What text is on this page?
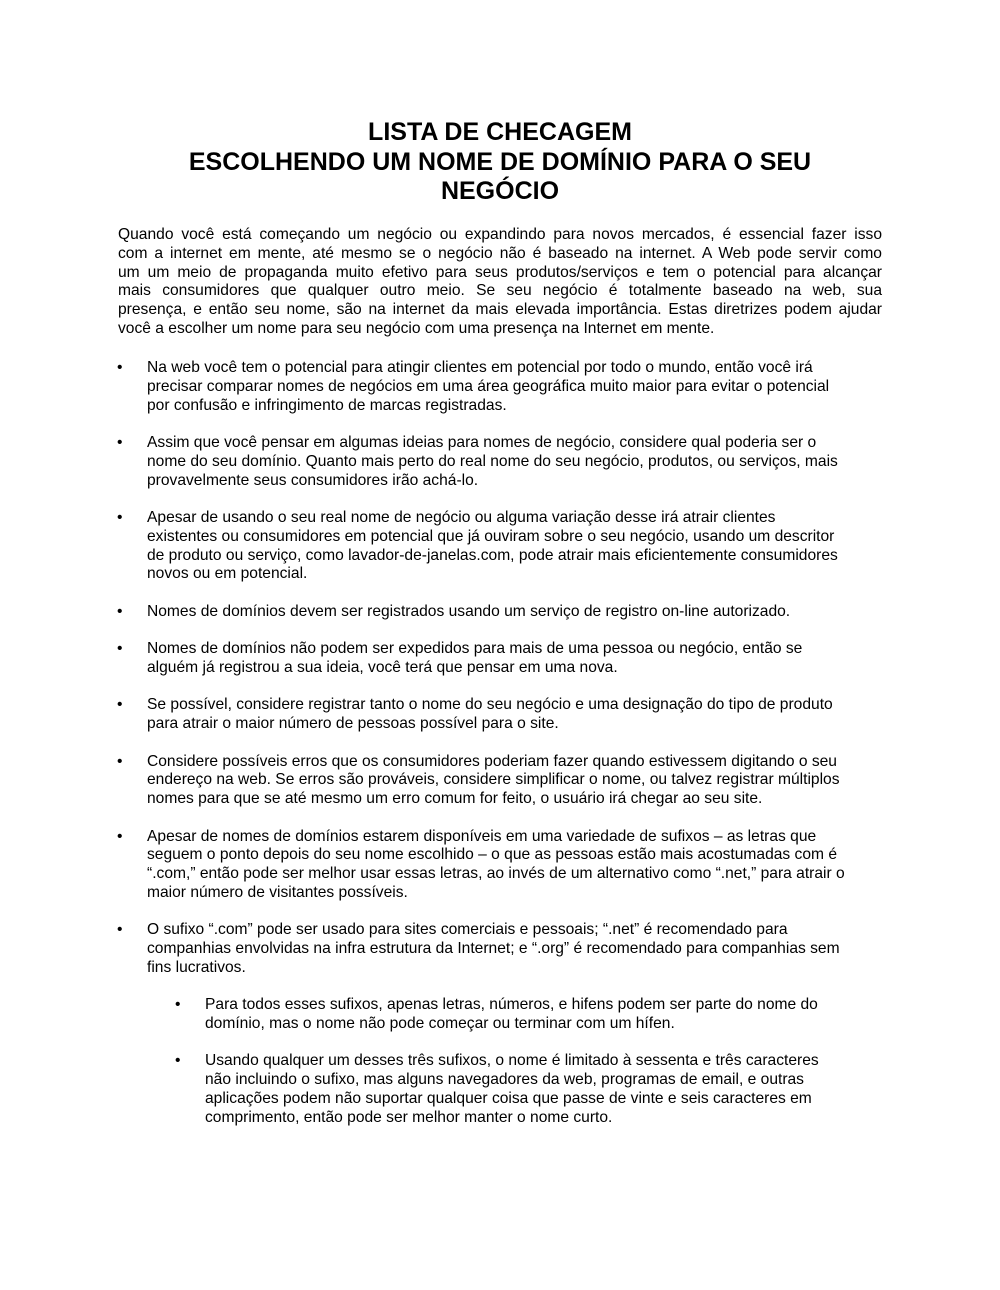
LISTA DE CHECAGEM
ESCOLHENDO UM NOME DE DOMÍNIO PARA O SEU
NEGÓCIO
Quando você está começando um negócio ou expandindo para novos mercados, é essencial fazer isso
com a internet em mente, até mesmo se o negócio não é baseado na internet. A Web pode servir como
um um meio de propaganda muito efetivo para seus produtos/serviços e tem o potencial para alcançar
mais consumidores que qualquer outro meio. Se seu negócio é totalmente baseado na web, sua
presença, e então seu nome, são na internet da mais elevada importância. Estas diretrizes podem ajudar
você a escolher um nome para seu negócio com uma presença na Internet em mente.
• Na web você tem o potencial para atingir clientes em potencial por todo o mundo, então você irá
precisar comparar nomes de negócios em uma área geográfica muito maior para evitar o potencial
por confusão e infringimento de marcas registradas.
• Assim que você pensar em algumas ideias para nomes de negócio, considere qual poderia ser o
nome do seu domínio. Quanto mais perto do real nome do seu negócio, produtos, ou serviços, mais
provavelmente seus consumidores irão achá-lo.
• Apesar de usando o seu real nome de negócio ou alguma variação desse irá atrair clientes
existentes ou consumidores em potencial que já ouviram sobre o seu negócio, usando um descritor
de produto ou serviço, como lavador-de-janelas.com, pode atrair mais eficientemente consumidores
novos ou em potencial.
• Nomes de domínios devem ser registrados usando um serviço de registro on-line autorizado.
• Nomes de domínios não podem ser expedidos para mais de uma pessoa ou negócio, então se
alguém já registrou a sua ideia, você terá que pensar em uma nova.
• Se possível, considere registrar tanto o nome do seu negócio e uma designação do tipo de produto
para atrair o maior número de pessoas possível para o site.
• Considere possíveis erros que os consumidores poderiam fazer quando estivessem digitando o seu
endereço na web. Se erros são prováveis, considere simplificar o nome, ou talvez registrar múltiplos
nomes para que se até mesmo um erro comum for feito, o usuário irá chegar ao seu site.
• Apesar de nomes de domínios estarem disponíveis em uma variedade de sufixos – as letras que
seguem o ponto depois do seu nome escolhido – o que as pessoas estão mais acostumadas com é
“.com,” então pode ser melhor usar essas letras, ao invés de um alternativo como “.net,” para atrair o
maior número de visitantes possíveis.
• O sufixo “.com” pode ser usado para sites comerciais e pessoais; “.net” é recomendado para
companhias envolvidas na infra estrutura da Internet; e “.org” é recomendado para companhias sem
fins lucrativos.
• Para todos esses sufixos, apenas letras, números, e hifens podem ser parte do nome do
domínio, mas o nome não pode começar ou terminar com um hífen.
• Usando qualquer um desses três sufixos, o nome é limitado à sessenta e três caracteres
não incluindo o sufixo, mas alguns navegadores da web, programas de email, e outras
aplicações podem não suportar qualquer coisa que passe de vinte e seis caracteres em
comprimento, então pode ser melhor manter o nome curto.
